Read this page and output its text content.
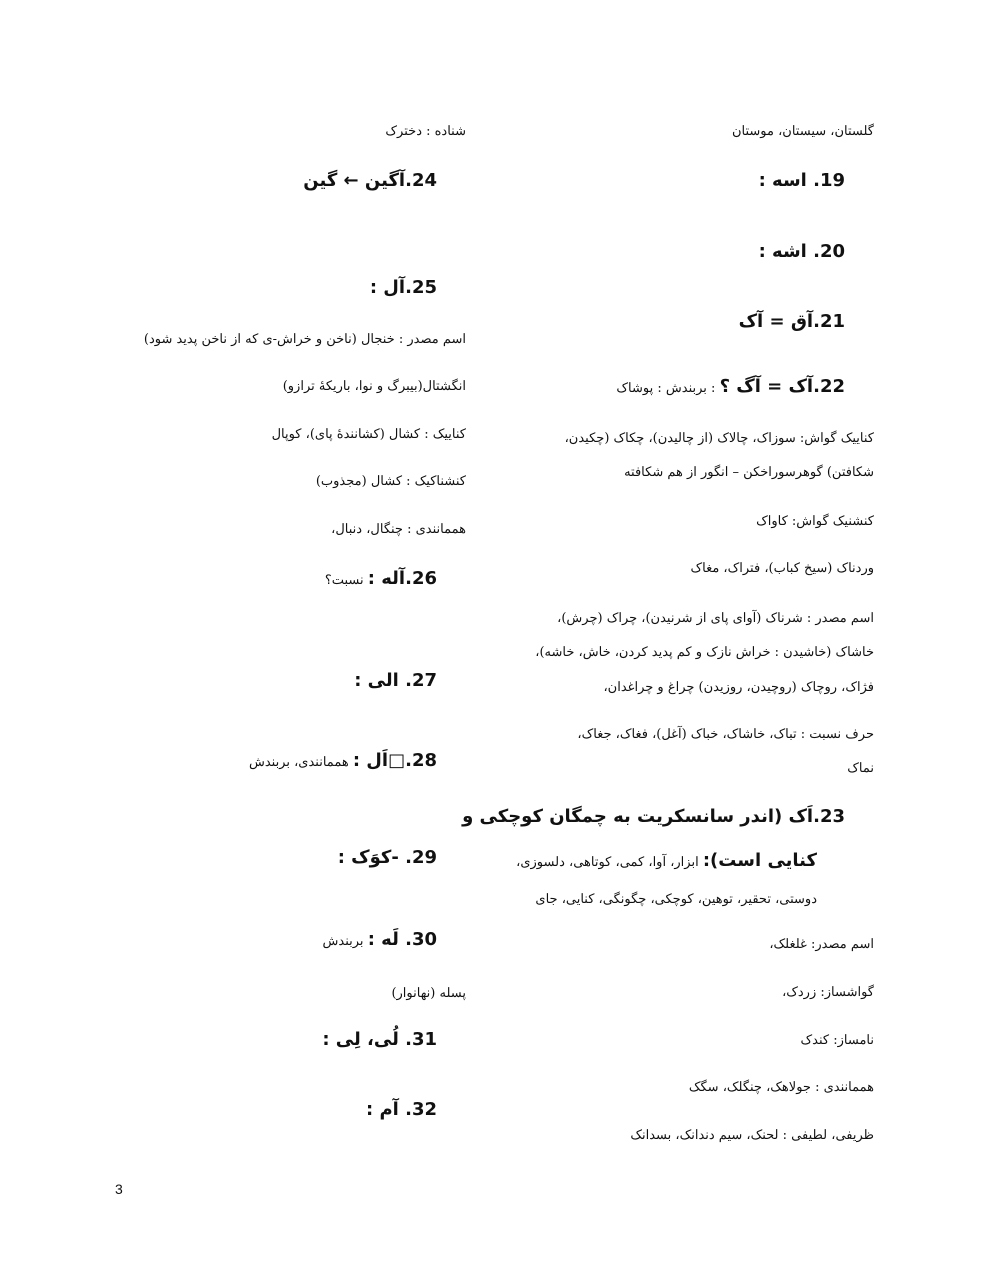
گلستان، سیستان، موستان
19. اسه :
20. اشه :
21.آق = آک
22.آک = آگ ؟ : بربندش : پوشاک
کناییک گواش: سوزاک، چالاک (از چالیدن)، چکاک (چکیدن،
شکافتن) گوهرسوراخکن – انگور از هم شکافته
کنشنیک گواش: کاواک
وردناک (سیخ کباب)، فتراک، مغاک
اسم مصدر : شرناک (آوای پای از شرنیدن)، چراک (چرش)،
خاشاک (خاشیدن : خراش نازک و کم پدید کردن، خاش، خاشه)،
فژاک، روچاک (روچیدن، روزیدن) چراغ و چراغدان،
حرف نسبت : تباک، خاشاک، خباک (آغل)، فغاک، جغاک،
نماک
23.اَک (اندر سانسکریت به چمگان کوچکی و
کنایی است): ابزار، آوا، کمی، کوتاهی، دلسوزی،
دوستی، تحقیر، توهین، کوچکی، چگونگی، کنایی، جای
اسم مصدر: غلغلک،
گواشساز: زردک،
نامساز: کندک
هممانندی : جولاهک، چنگلک، سگک
ظریفی، لطیفی : لحنک، سیم دندانک، بسدانک
شناده : دخترک
24.آگین ← گین
25.آل :
اسم مصدر : خنجال (ناخن و خراش-ی که از ناخن پدید شود)
انگشتال(بیبرگ و نوا، باریکهٔ ترازو)
کناییک : کشال (کشانندهٔ پای)، کوپال
کنشناکیک : کشال (مجذوب)
هممانندی : چنگال، دنبال،
26.آله : نسبت؟
27. الی :
28.□اَل : هممانندی، بربندش
29. -کوَک :
30. لَه : بربندش
پسله (نهانوار)
31. لُی، لِی :
32. آم :
3
